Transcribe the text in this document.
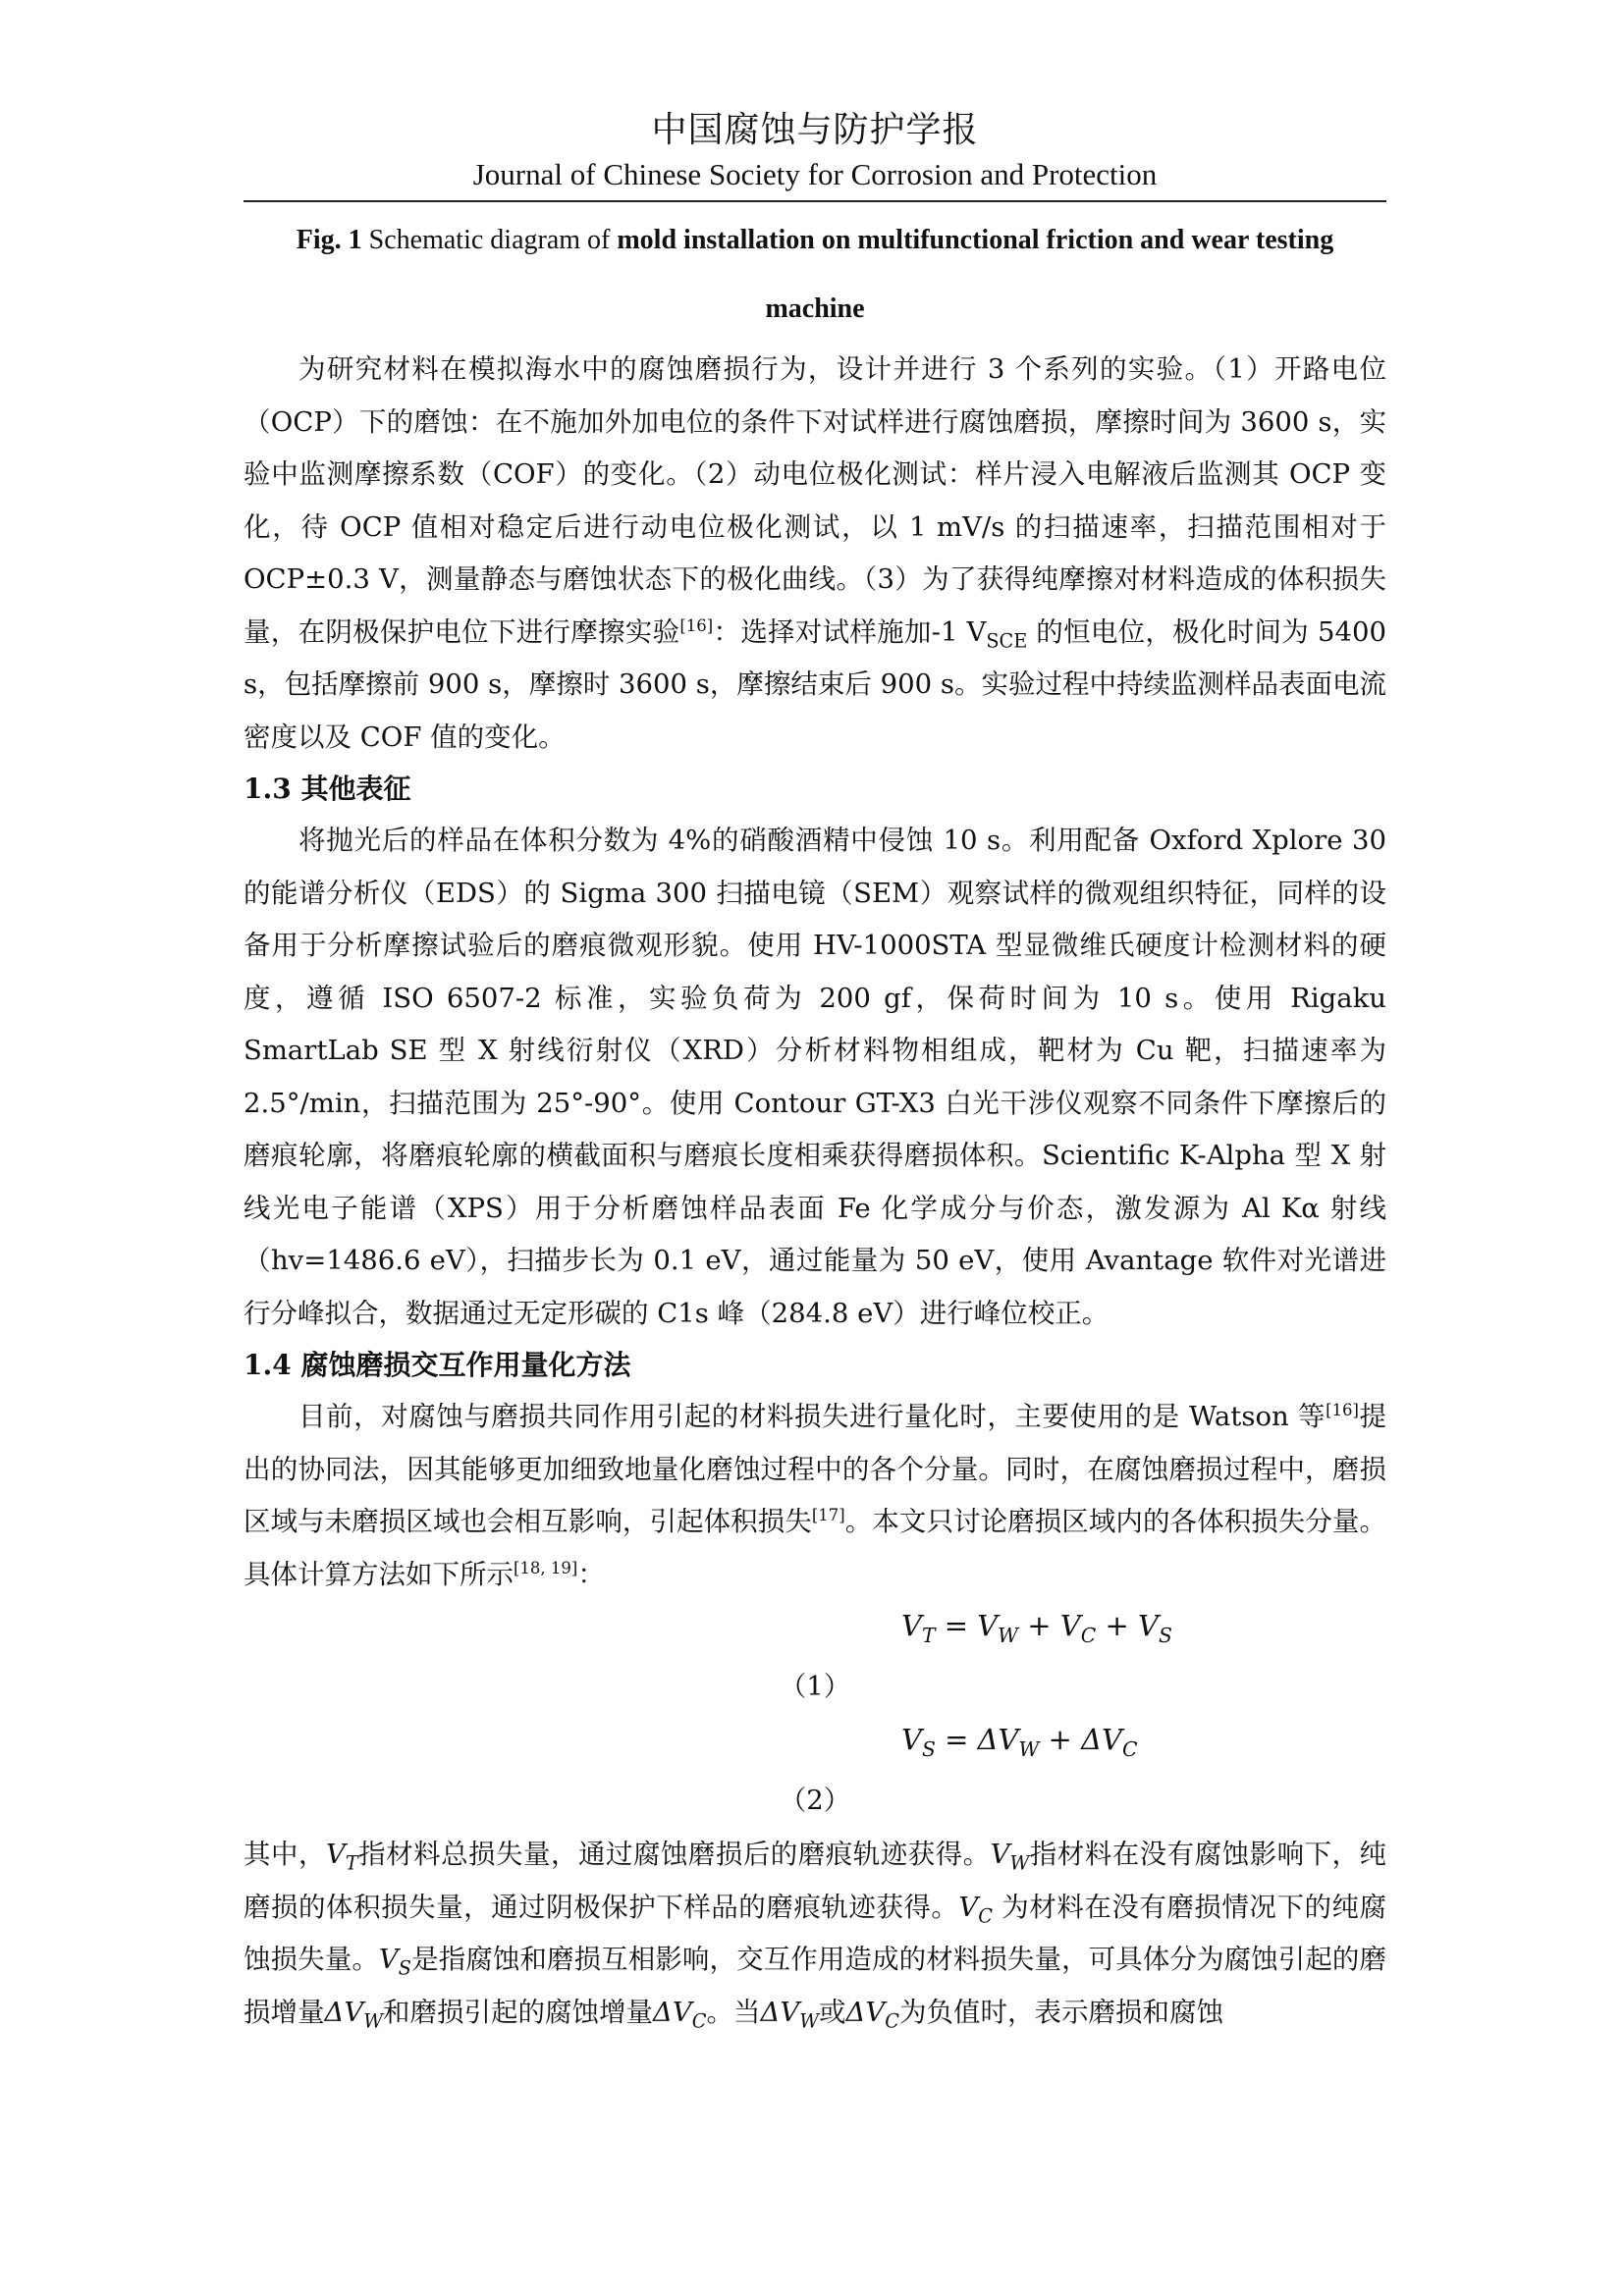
中国腐蚀与防护学报
Journal of Chinese Society for Corrosion and Protection
Fig. 1 Schematic diagram of mold installation on multifunctional friction and wear testing
machine

为研究材料在模拟海水中的腐蚀磨损行为，设计并进行 3 个系列的实验。（1）开路电位（OCP）下的磨蚀：在不施加外加电位的条件下对试样进行腐蚀磨损，摩擦时间为 3600 s，实验中监测摩擦系数（COF）的变化。（2）动电位极化测试：样片浸入电解液后监测其 OCP 变化，待 OCP 值相对稳定后进行动电位极化测试，以 1 mV/s 的扫描速率，扫描范围相对于 OCP±0.3 V，测量静态与磨蚀状态下的极化曲线。（3）为了获得纯摩擦对材料造成的体积损失量，在阴极保护电位下进行摩擦实验[16]：选择对试样施加-1 $V_{SCE}$ 的恒电位，极化时间为 5400 s，包括摩擦前 900 s，摩擦时 3600 s，摩擦结束后 900 s。实验过程中持续监测样品表面电流密度以及 COF 值的变化。

1.3 其他表征

将抛光后的样品在体积分数为 4%的硝酸酒精中侵蚀 10 s。利用配备 Oxford Xplore 30 的能谱分析仪（EDS）的 Sigma 300 扫描电镜（SEM）观察试样的微观组织特征，同样的设备用于分析摩擦试验后的磨痕微观形貌。使用 HV-1000STA 型显微维氏硬度计检测材料的硬度，遵循 ISO 6507-2 标准，实验负荷为 200 gf，保荷时间为 10 s。使用 Rigaku SmartLab SE 型 X 射线衍射仪（XRD）分析材料物相组成，靶材为 Cu 靶，扫描速率为 2.5°/min，扫描范围为 25°-90°。使用 Contour GT-X3 白光干涉仪观察不同条件下摩擦后的磨痕轮廓，将磨痕轮廓的横截面积与磨痕长度相乘获得磨损体积。Scientific K-Alpha 型 X 射线光电子能谱（XPS）用于分析磨蚀样品表面 Fe 化学成分与价态，激发源为 Al Kα 射线（hv=1486.6 eV），扫描步长为 0.1 eV，通过能量为 50 eV，使用 Avantage 软件对光谱进行分峰拟合，数据通过无定形碳的 C1s 峰（284.8 eV）进行峰位校正。

1.4 腐蚀磨损交互作用量化方法

目前，对腐蚀与磨损共同作用引起的材料损失进行量化时，主要使用的是 Watson 等[16]提出的协同法，因其能够更加细致地量化磨蚀过程中的各个分量。同时，在腐蚀磨损过程中，磨损区域与未磨损区域也会相互影响，引起体积损失[17]。本文只讨论磨损区域内的各体积损失分量。具体计算方法如下所示[18, 19]：

$V_T = V_W + V_C + V_S$
（1）
$V_S = \Delta V_W + \Delta V_C$
（2）

其中，$V_T$指材料总损失量，通过腐蚀磨损后的磨痕轨迹获得。$V_W$指材料在没有腐蚀影响下，纯磨损的体积损失量，通过阴极保护下样品的磨痕轨迹获得。$V_C$ 为材料在没有磨损情况下的纯腐蚀损失量。$V_S$是指腐蚀和磨损互相影响，交互作用造成的材料损失量，可具体分为腐蚀引起的磨损增量$\Delta V_W$和磨损引起的腐蚀增量$\Delta V_C$。当$\Delta V_W$或$\Delta V_C$为负值时，表示磨损和腐蚀
